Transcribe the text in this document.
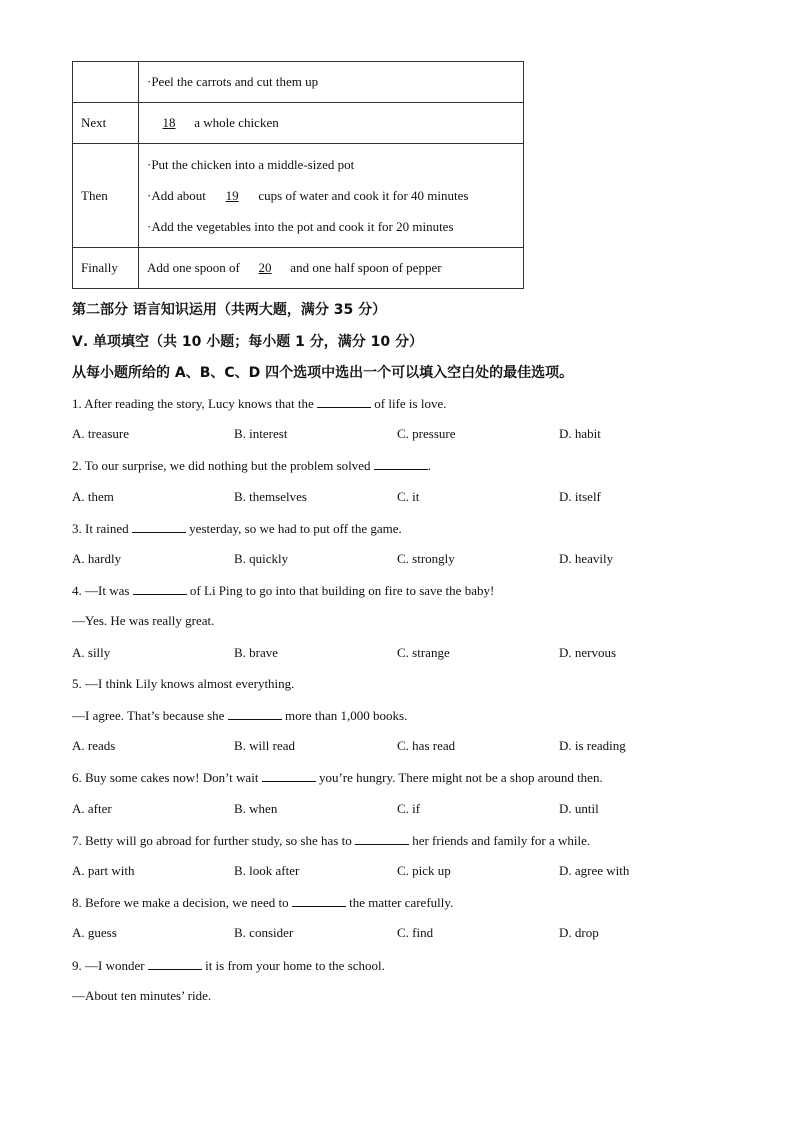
	·Peel the carrots and cut them up

Next	18 a whole chicken
Then	·Put the chicken into a middle-sized pot
·Add about 19 cups of water and cook it for 40 minutes
·Add the vegetables into the pot and cook it for 20 minutes

Finally	Add one spoon of 20 and one half spoon of pepper
第二部分 语言知识运用（共两大题，满分 35 分）
Ⅴ. 单项填空（共 10 小题；每小题 1 分，满分 10 分）
从每小题所给的 A、B、C、D 四个选项中选出一个可以填入空白处的最佳选项。
1. After reading the story, Lucy knows that the	of life is love.
A. treasure	B. interest	C. pressure	D. habit
2. To our surprise, we did nothing but the problem solved	.
A. them	B. themselves	C. it	D. itself
3. It rained	yesterday, so we had to put off the game.
A. hardly	B. quickly	C. strongly	D. heavily
4. —It was	of Li Ping to go into that building on fire to save the baby!
—Yes. He was really great.
A. silly	B. brave	C. strange	D. nervous
5. —I think Lily knows almost everything.
—I agree. That’s because she	more than 1,000 books.
A. reads	B. will read	C. has read	D. is reading
6. Buy some cakes now! Don’t wait	you’re hungry. There might not be a shop around then.
A. after	B. when	C. if	D. until
7. Betty will go abroad for further study, so she has to	her friends and family for a while.
A. part with	B. look after	C. pick up	D. agree with
8. Before we make a decision, we need to	the matter carefully.
A. guess	B. consider	C. find	D. drop
9. —I wonder	it is from your home to the school.
—About ten minutes’ ride.
